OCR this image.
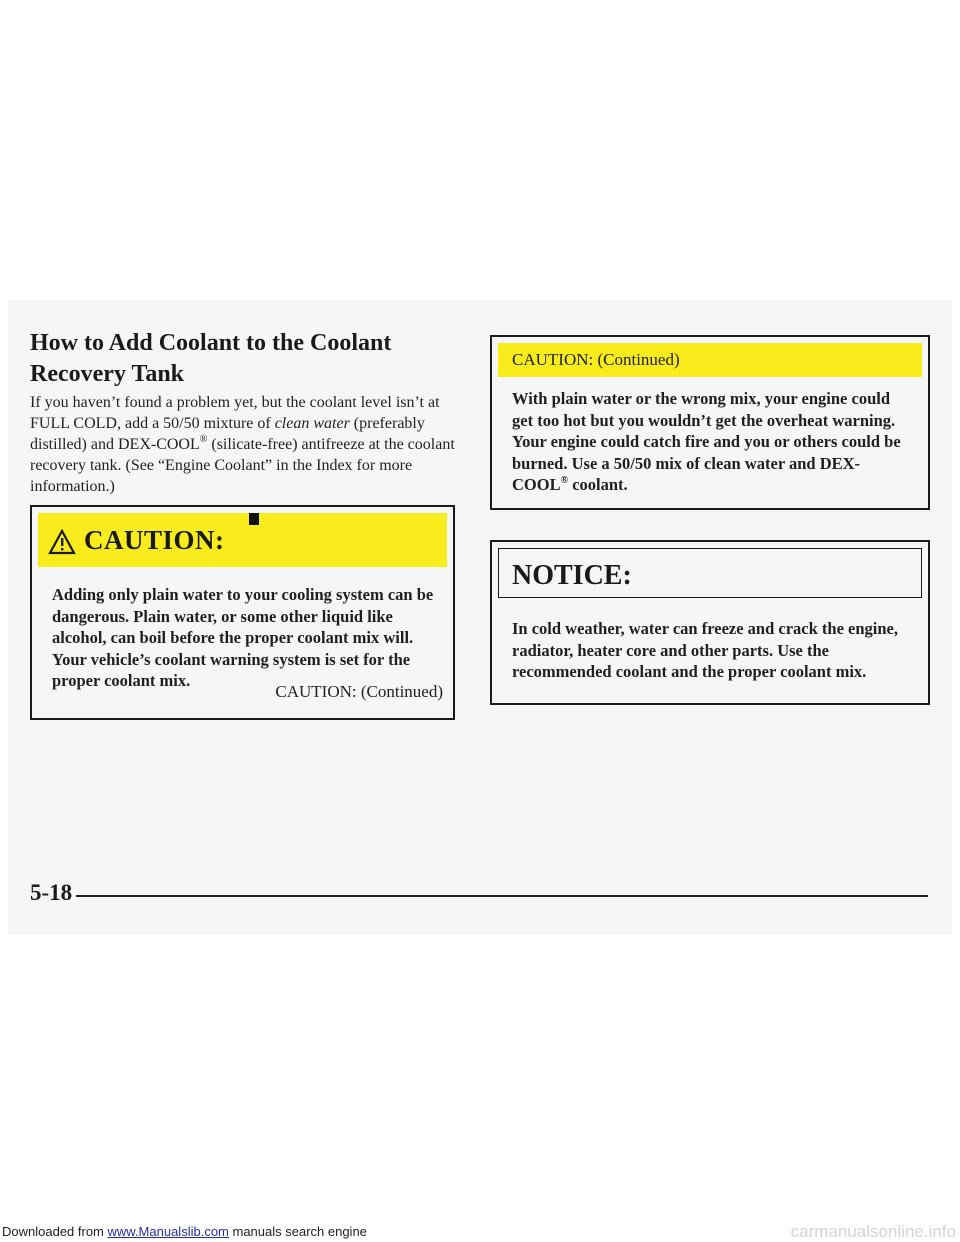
How to Add Coolant to the Coolant Recovery Tank

If you haven’t found a problem yet, but the coolant level isn’t at FULL COLD, add a 50/50 mixture of clean water (preferably distilled) and DEX-COOL® (silicate-free) antifreeze at the coolant recovery tank. (See “Engine Coolant” in the Index for more information.)

CAUTION:

Adding only plain water to your cooling system can be dangerous. Plain water, or some other liquid like alcohol, can boil before the proper coolant mix will. Your vehicle’s coolant warning system is set for the proper coolant mix.

CAUTION: (Continued)
CAUTION: (Continued)

With plain water or the wrong mix, your engine could get too hot but you wouldn’t get the overheat warning. Your engine could catch fire and you or others could be burned. Use a 50/50 mix of clean water and DEX-COOL® coolant.

NOTICE:

In cold weather, water can freeze and crack the engine, radiator, heater core and other parts. Use the recommended coolant and the proper coolant mix.

5-18
Downloaded from www.Manualslib.com manuals search engine	carmanualsonline.info
